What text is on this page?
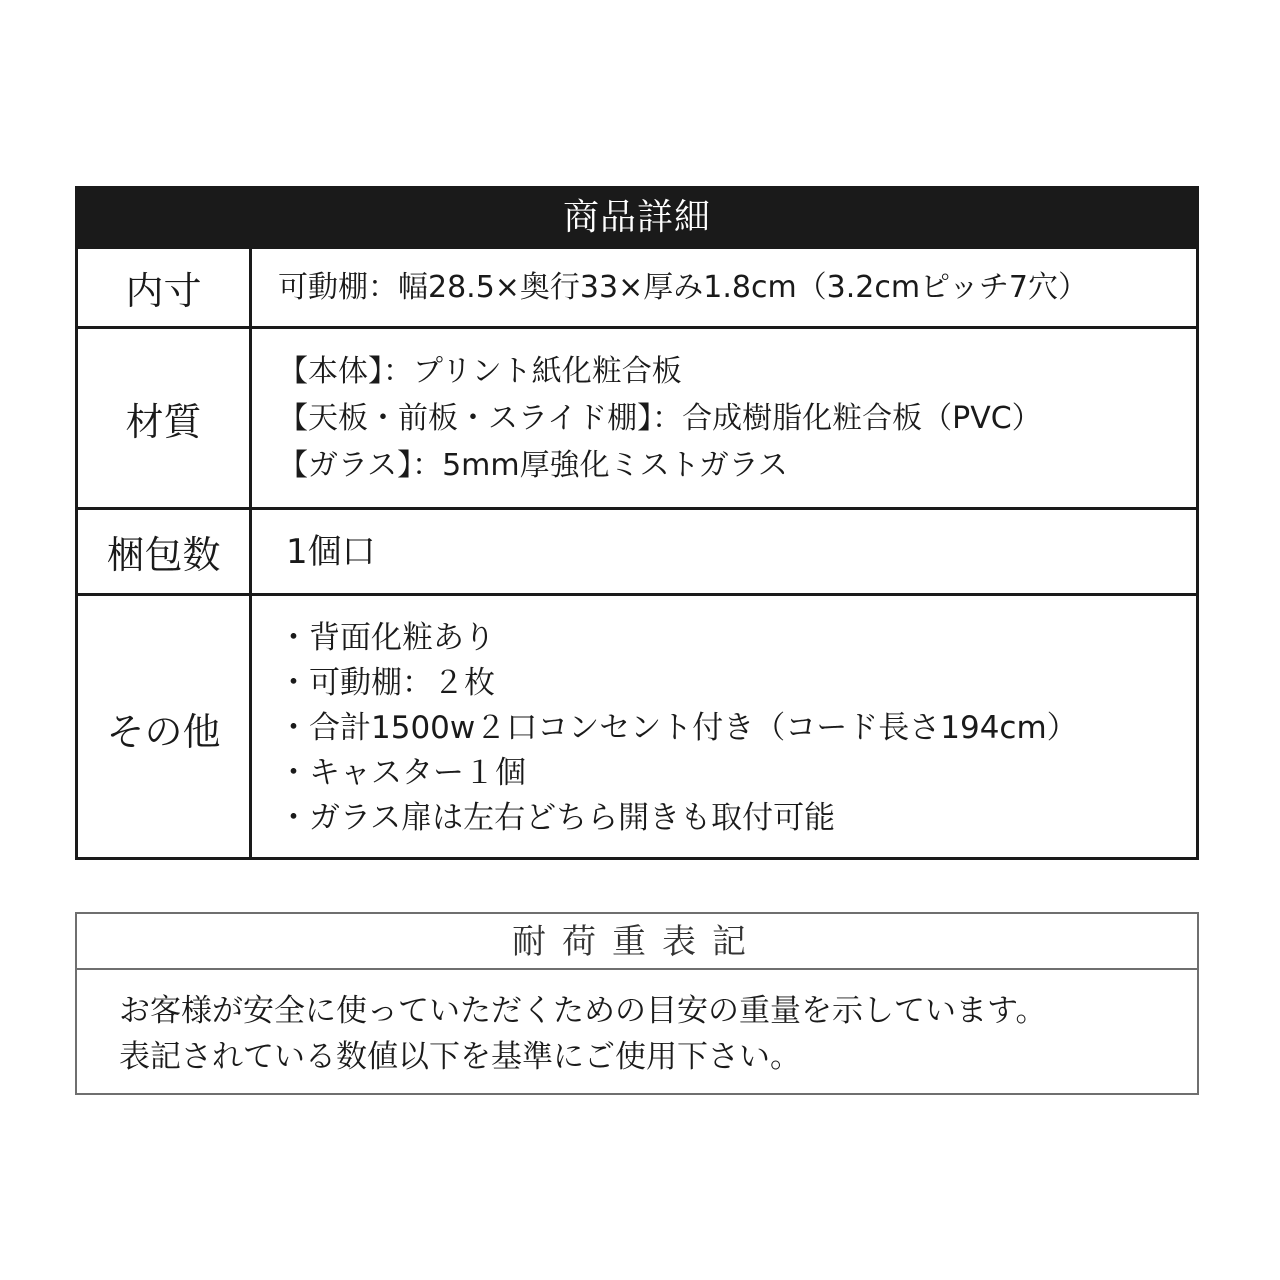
商品詳細
内寸	可動棚：幅28.5×奥行33×厚み1.8cm（3.2cmピッチ7穴）
材質
【本体】：プリント紙化粧合板
【天板・前板・スライド棚】：合成樹脂化粧合板（PVC）
【ガラス】：5mm厚強化ミストガラス
梱包数	1個口
その他
・背面化粧あり
・可動棚：２枚
・合計1500w２口コンセント付き（コード長さ194cm）
・キャスター１個
・ガラス扉は左右どちら開きも取付可能
耐荷重表記
お客様が安全に使っていただくための目安の重量を示しています。
表記されている数値以下を基準にご使用下さい。
